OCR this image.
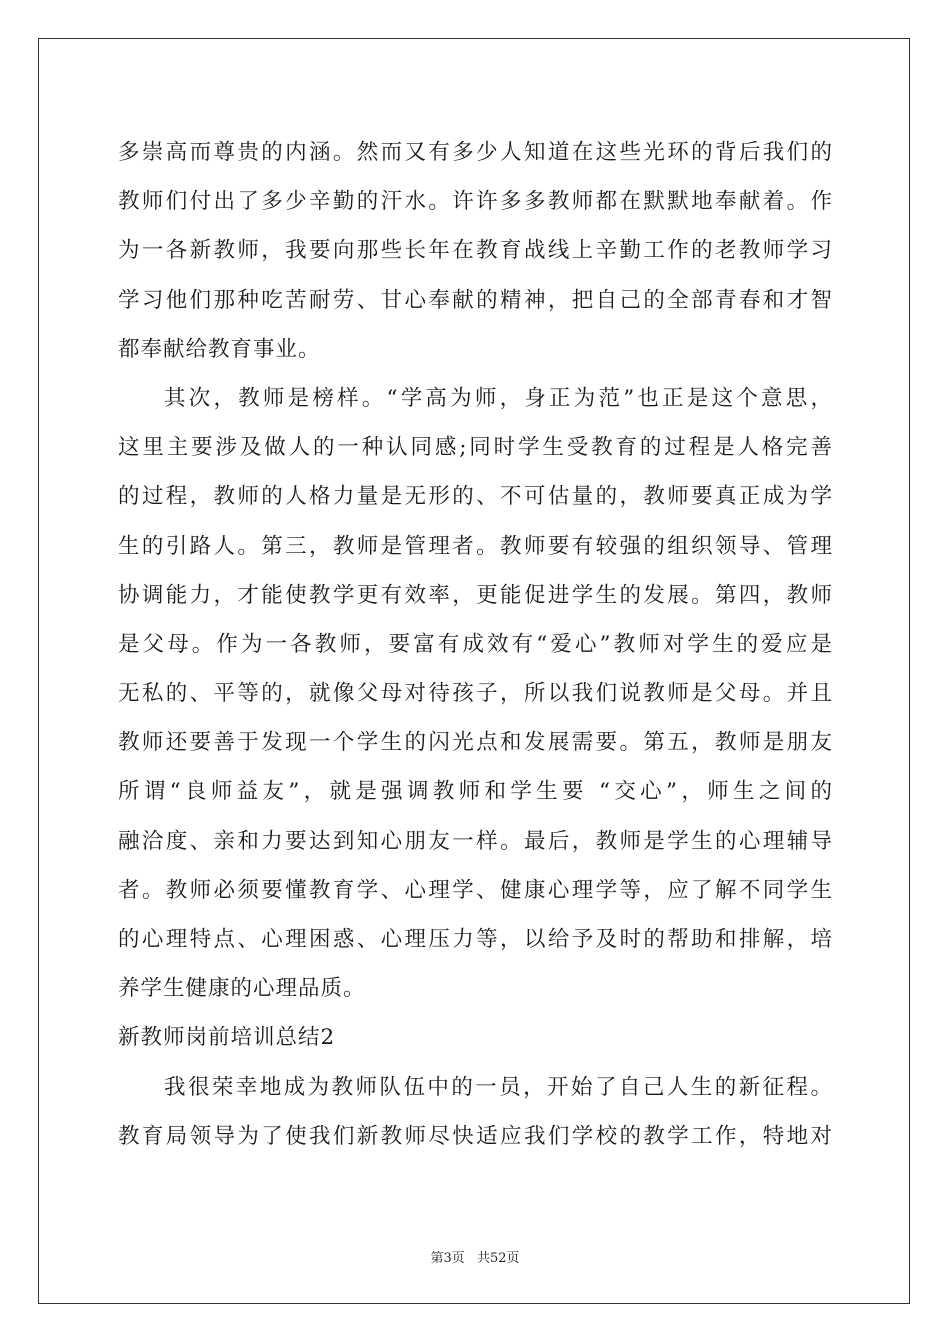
多崇高而尊贵的内涵。然而又有多少人知道在这些光环的背后我们的
教师们付出了多少辛勤的汗水。许许多多教师都在默默地奉献着。作
为一各新教师，我要向那些长年在教育战线上辛勤工作的老教师学习
学习他们那种吃苦耐劳、甘心奉献的精神，把自己的全部青春和才智
都奉献给教育事业。
其次，教师是榜样。“学高为师，身正为范”也正是这个意思，
这里主要涉及做人的一种认同感;同时学生受教育的过程是人格完善
的过程，教师的人格力量是无形的、不可估量的，教师要真正成为学
生的引路人。第三，教师是管理者。教师要有较强的组织领导、管理
协调能力，才能使教学更有效率，更能促进学生的发展。第四，教师
是父母。作为一各教师，要富有成效有“爱心”教师对学生的爱应是
无私的、平等的，就像父母对待孩子，所以我们说教师是父母。并且
教师还要善于发现一个学生的闪光点和发展需要。第五，教师是朋友
所谓“良师益友”，就是强调教师和学生要 “交心”，师生之间的
融洽度、亲和力要达到知心朋友一样。最后，教师是学生的心理辅导
者。教师必须要懂教育学、心理学、健康心理学等，应了解不同学生
的心理特点、心理困惑、心理压力等，以给予及时的帮助和排解，培
养学生健康的心理品质。
新教师岗前培训总结2
我很荣幸地成为教师队伍中的一员，开始了自己人生的新征程。
教育局领导为了使我们新教师尽快适应我们学校的教学工作，特地对
第3页 共52页
